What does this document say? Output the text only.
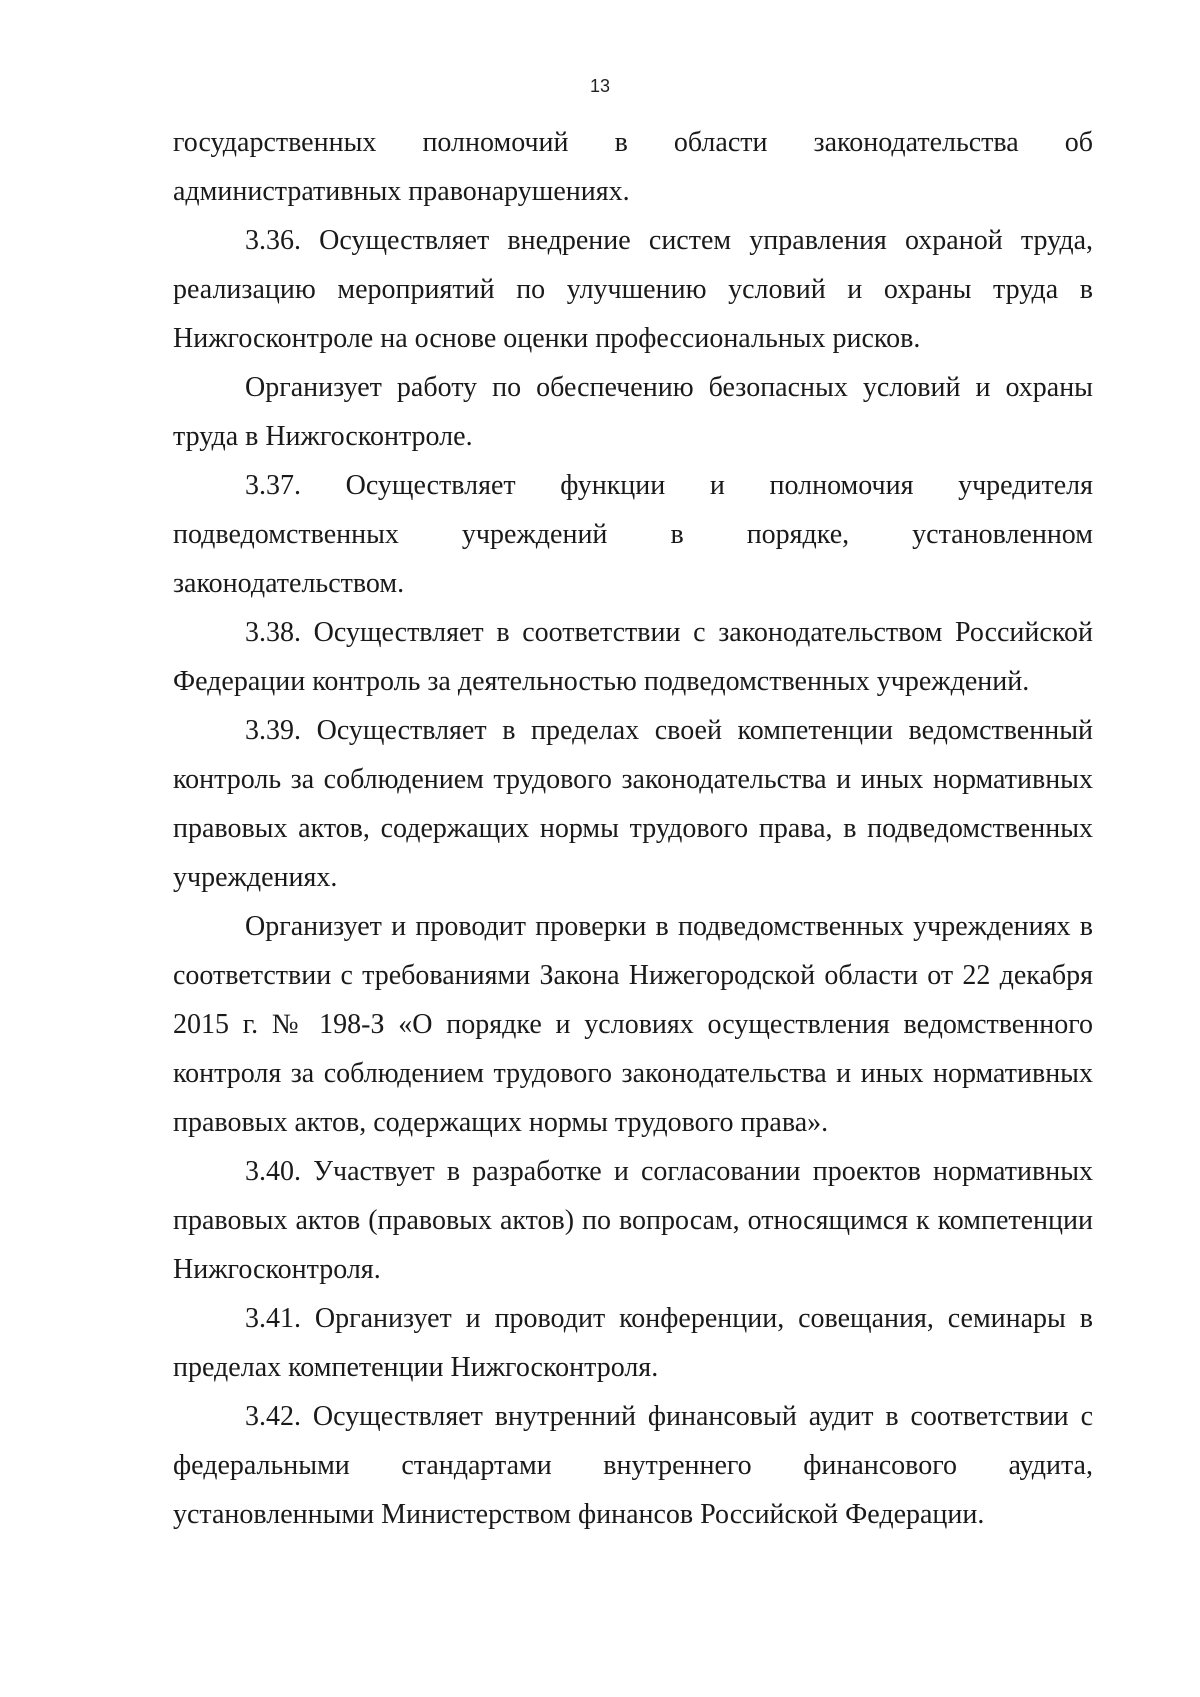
13

государственных полномочий в области законодательства об административных правонарушениях.

3.36. Осуществляет внедрение систем управления охраной труда, реализацию мероприятий по улучшению условий и охраны труда в Нижгосконтроле на основе оценки профессиональных рисков.

Организует работу по обеспечению безопасных условий и охраны труда в Нижгосконтроле.

3.37. Осуществляет функции и полномочия учредителя подведомственных учреждений в порядке, установленном законодательством.

3.38. Осуществляет в соответствии с законодательством Российской Федерации контроль за деятельностью подведомственных учреждений.

3.39. Осуществляет в пределах своей компетенции ведомственный контроль за соблюдением трудового законодательства и иных нормативных правовых актов, содержащих нормы трудового права, в подведомственных учреждениях.

Организует и проводит проверки в подведомственных учреждениях в соответствии с требованиями Закона Нижегородской области от 22 декабря 2015 г. № 198-З «О порядке и условиях осуществления ведомственного контроля за соблюдением трудового законодательства и иных нормативных правовых актов, содержащих нормы трудового права».

3.40. Участвует в разработке и согласовании проектов нормативных правовых актов (правовых актов) по вопросам, относящимся к компетенции Нижгосконтроля.

3.41. Организует и проводит конференции, совещания, семинары в пределах компетенции Нижгосконтроля.

3.42. Осуществляет внутренний финансовый аудит в соответствии с федеральными стандартами внутреннего финансового аудита, установленными Министерством финансов Российской Федерации.
